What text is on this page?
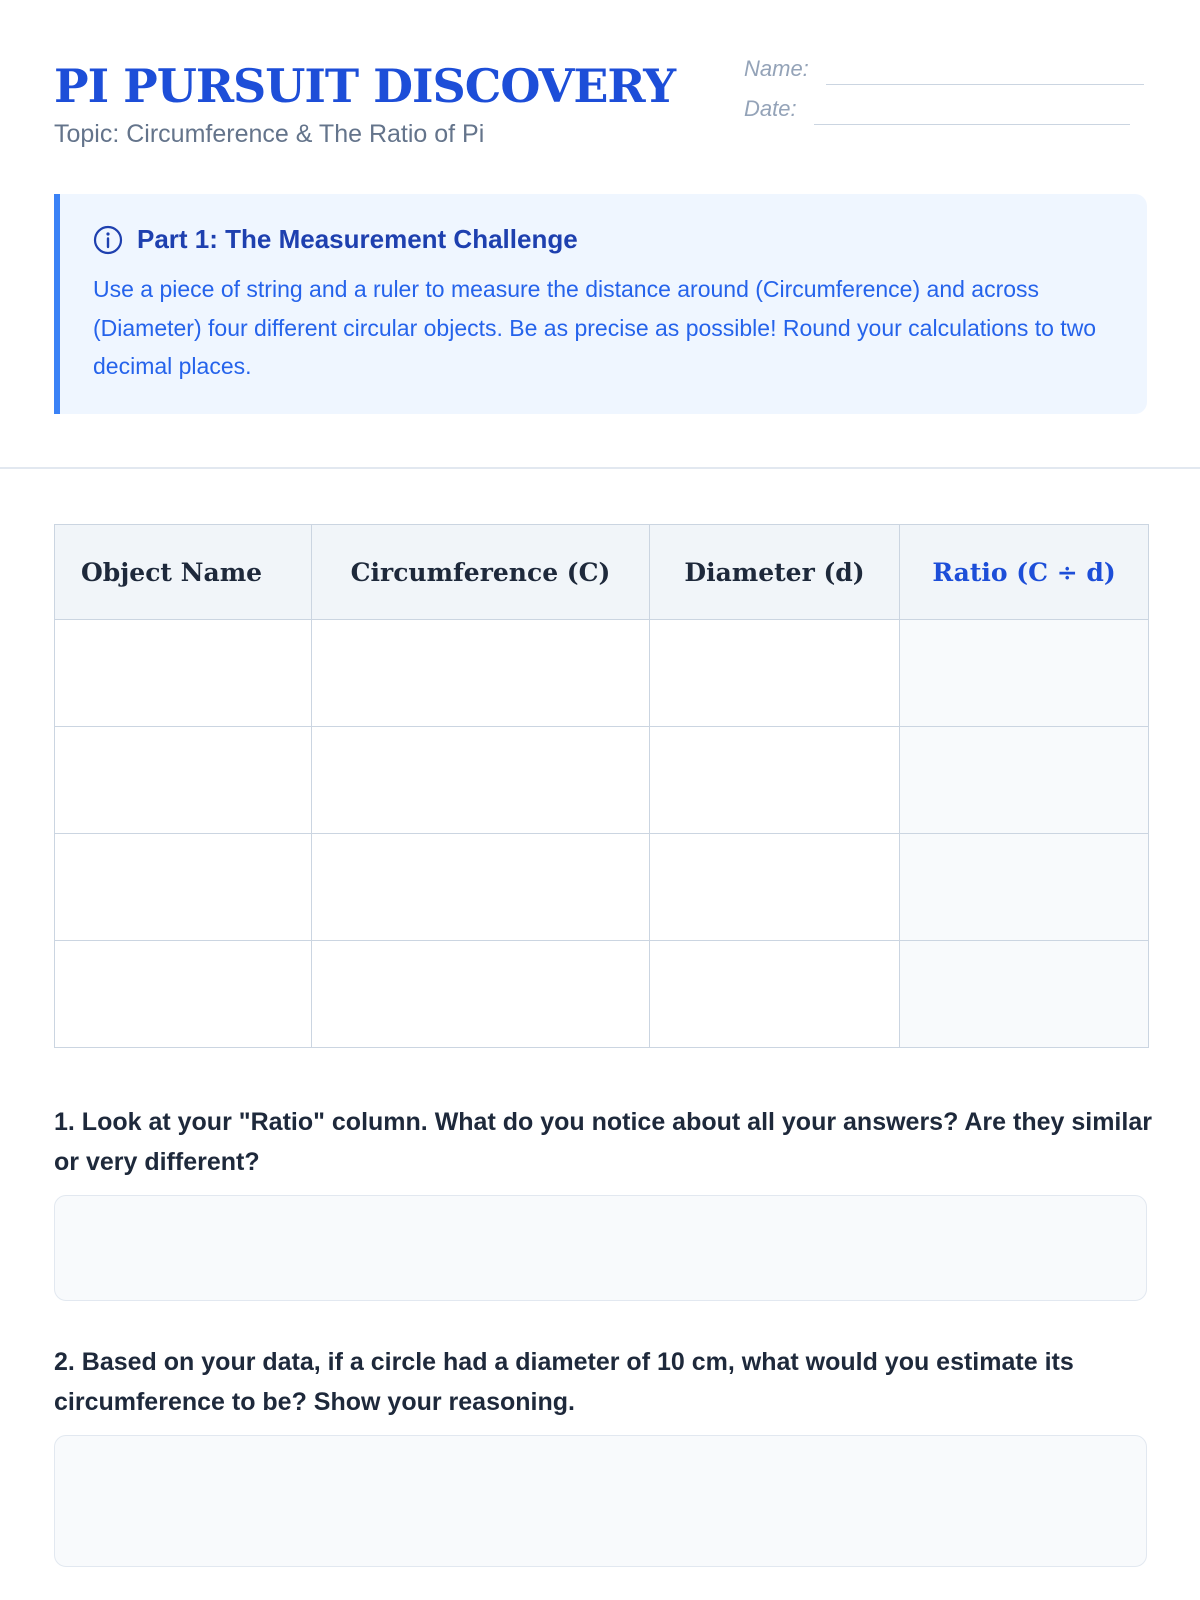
PI PURSUIT DISCOVERY
Topic: Circumference & The Ratio of Pi
Name:
Date:
Part 1: The Measurement Challenge
Use a piece of string and a ruler to measure the distance around (Circumference) and across (Diameter) four different circular objects. Be as precise as possible! Round your calculations to two decimal places.
Object Name	Circumference (C)	Diameter (d)	Ratio (C ÷ d)

1. Look at your "Ratio" column. What do you notice about all your answers? Are they similar or very different?
2. Based on your data, if a circle had a diameter of 10 cm, what would you estimate its circumference to be? Show your reasoning.
